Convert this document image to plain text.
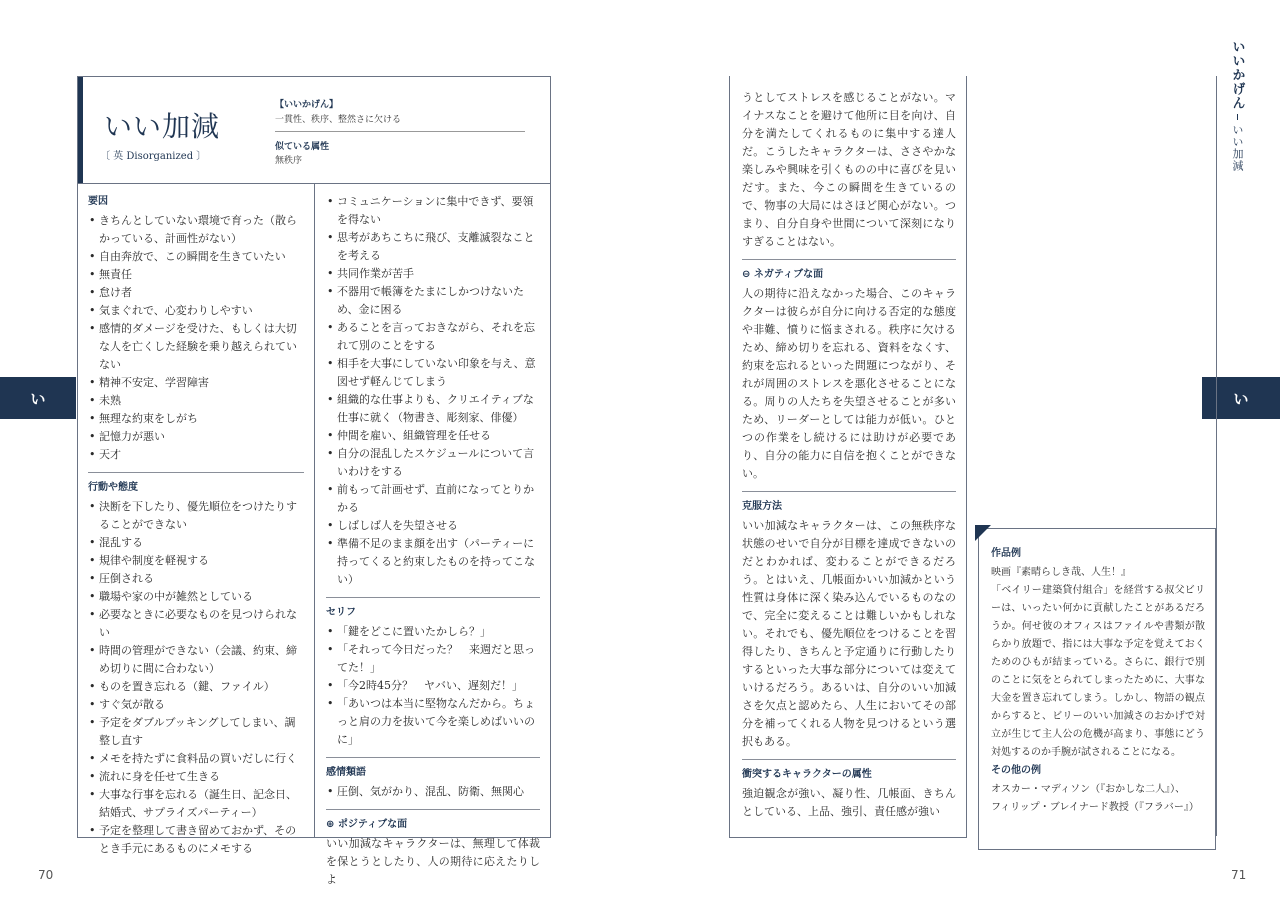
い	い
いいかげん
いい加減
70	71
いい加減
〔 英 Disorganized 〕
【いいかげん】
一貫性、秩序、整然さに欠ける
似ている属性
無秩序
要因
• きちんとしていない環境で育った（散らかっている、計画性がない）
• 自由奔放で、この瞬間を生きていたい
• 無責任
• 怠け者
• 気まぐれで、心変わりしやすい
• 感情的ダメージを受けた、もしくは大切な人を亡くした経験を乗り越えられていない
• 精神不安定、学習障害
• 未熟
• 無理な約束をしがち
• 記憶力が悪い
• 天才
行動や態度
• 決断を下したり、優先順位をつけたりすることができない
• 混乱する
• 規律や制度を軽視する
• 圧倒される
• 職場や家の中が雑然としている
• 必要なときに必要なものを見つけられない
• 時間の管理ができない（会議、約束、締め切りに間に合わない）
• ものを置き忘れる（鍵、ファイル）
• すぐ気が散る
• 予定をダブルブッキングしてしまい、調整し直す
• メモを持たずに食料品の買いだしに行く
• 流れに身を任せて生きる
• 大事な行事を忘れる（誕生日、記念日、結婚式、サプライズパーティー）
• 予定を整理して書き留めておかず、そのとき手元にあるものにメモする
• コミュニケーションに集中できず、要領を得ない
• 思考があちこちに飛び、支離滅裂なことを考える
• 共同作業が苦手
• 不器用で帳簿をたまにしかつけないため、金に困る
• あることを言っておきながら、それを忘れて別のことをする
• 相手を大事にしていない印象を与え、意図せず軽んじてしまう
• 組織的な仕事よりも、クリエイティブな仕事に就く（物書き、彫刻家、俳優）
• 仲間を雇い、組織管理を任せる
• 自分の混乱したスケジュールについて言いわけをする
• 前もって計画せず、直前になってとりかかる
• しばしば人を失望させる
• 準備不足のまま顔を出す（パーティーに持ってくると約束したものを持ってこない）
セリフ
• 「鍵をどこに置いたかしら？」
• 「それって今日だった？　来週だと思ってた！」
• 「今2時45分？　ヤバい、遅刻だ！」
• 「あいつは本当に堅物なんだから。ちょっと肩の力を抜いて今を楽しめばいいのに」
感情類語
• 圧倒、気がかり、混乱、防衛、無関心
⊕ ポジティブな面
いい加減なキャラクターは、無理して体裁を保とうとしたり、人の期待に応えたりしよ
うとしてストレスを感じることがない。マイナスなことを避けて他所に目を向け、自分を満たしてくれるものに集中する達人だ。こうしたキャラクターは、ささやかな楽しみや興味を引くものの中に喜びを見いだす。また、今この瞬間を生きているので、物事の大局にはさほど関心がない。つまり、自分自身や世間について深刻になりすぎることはない。
⊖ ネガティブな面
人の期待に沿えなかった場合、このキャラクターは彼らが自分に向ける否定的な態度や非難、憤りに悩まされる。秩序に欠けるため、締め切りを忘れる、資料をなくす、約束を忘れるといった問題につながり、それが周囲のストレスを悪化させることになる。周りの人たちを失望させることが多いため、リーダーとしては能力が低い。ひとつの作業をし続けるには助けが必要であり、自分の能力に自信を抱くことができない。
克服方法
いい加減なキャラクターは、この無秩序な状態のせいで自分が目標を達成できないのだとわかれば、変わることができるだろう。とはいえ、几帳面かいい加減かという性質は身体に深く染み込んでいるものなので、完全に変えることは難しいかもしれない。それでも、優先順位をつけることを習得したり、きちんと予定通りに行動したりするといった大事な部分については変えていけるだろう。あるいは、自分のいい加減さを欠点と認めたら、人生においてその部分を補ってくれる人物を見つけるという選択もある。
衝突するキャラクターの属性
強迫観念が強い、凝り性、几帳面、きちんとしている、上品、強引、責任感が強い
作品例
映画『素晴らしき哉、人生！』
「ベイリー建築貸付組合」を経営する叔父ビリーは、いったい何かに貢献したことがあるだろうか。何せ彼のオフィスはファイルや書類が散らかり放題で、指には大事な予定を覚えておくためのひもが結まっている。さらに、銀行で別のことに気をとられてしまったために、大事な大金を置き忘れてしまう。しかし、物語の観点からすると、ビリーのいい加減さのおかげで対立が生じて主人公の危機が高まり、事態にどう対処するのか手腕が試されることになる。
その他の例
オスカー・マディソン（『おかしな二人』）、
フィリップ・ブレイナード教授（『フラバー』）
